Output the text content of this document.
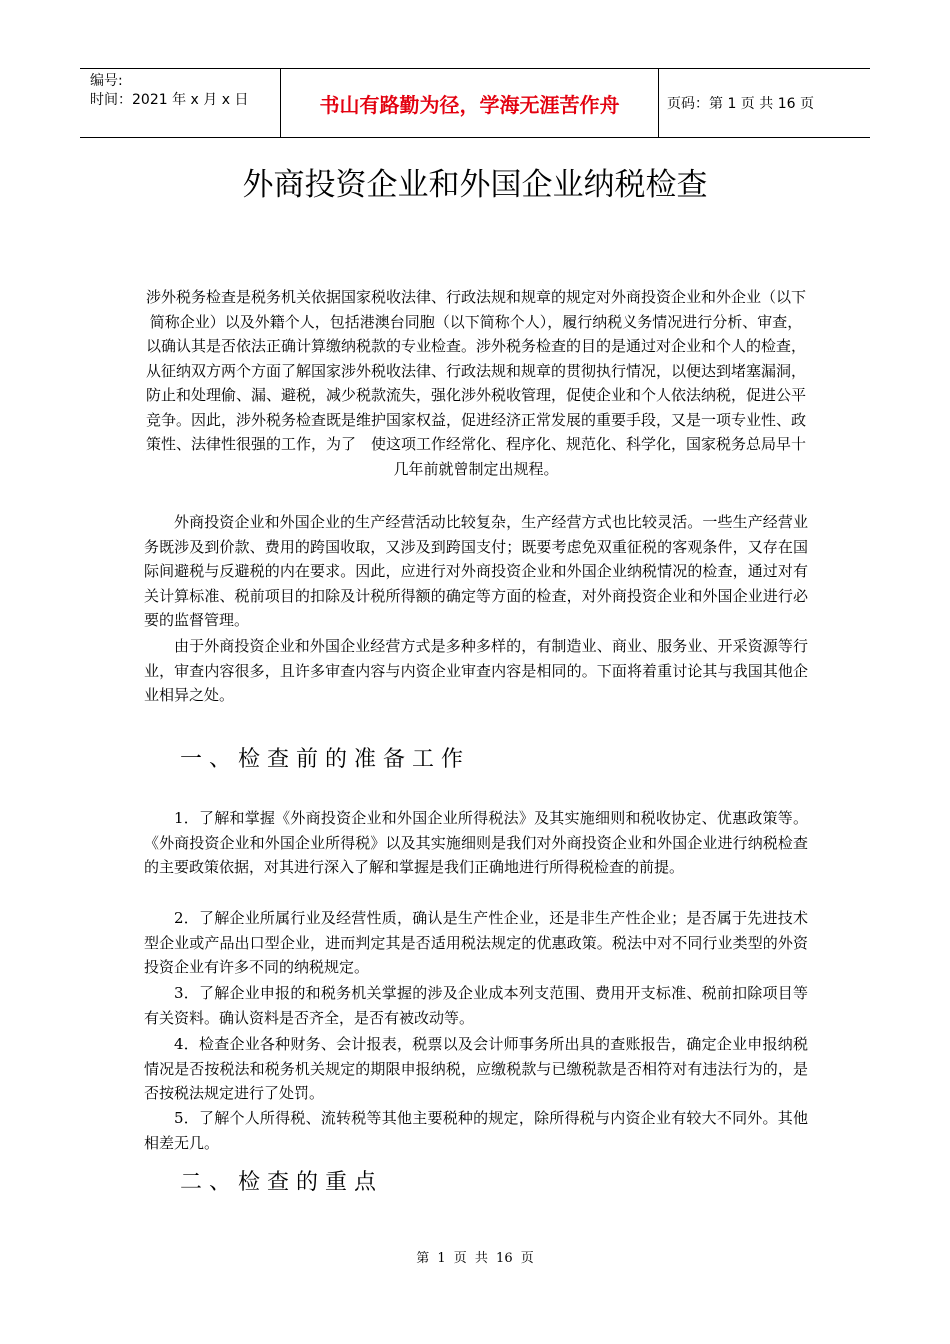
编号:
时间：2021 年 x 月 x 日	书山有路勤为径，学海无涯苦作舟	页码：第 1 页 共 16 页
外商投资企业和外国企业纳税检查

涉外税务检查是税务机关依据国家税收法律、行政法规和规章的规定对外商投资企业和外企业（以下简称企业）以及外籍个人，包括港澳台同胞（以下简称个人），履行纳税义务情况进行分析、审查，以确认其是否依法正确计算缴纳税款的专业检查。涉外税务检查的目的是通过对企业和个人的检查，从征纳双方两个方面了解国家涉外税收法律、行政法规和规章的贯彻执行情况，以便达到堵塞漏洞，防止和处理偷、漏、避税，减少税款流失，强化涉外税收管理，促使企业和个人依法纳税，促进公平竞争。因此，涉外税务检查既是维护国家权益，促进经济正常发展的重要手段，又是一项专业性、政策性、法律性很强的工作，为了　使这项工作经常化、程序化、规范化、科学化，国家税务总局早十几年前就曾制定出规程。

外商投资企业和外国企业的生产经营活动比较复杂，生产经营方式也比较灵活。一些生产经营业务既涉及到价款、费用的跨国收取，又涉及到跨国支付；既要考虑免双重征税的客观条件，又存在国际间避税与反避税的内在要求。因此，应进行对外商投资企业和外国企业纳税情况的检查，通过对有关计算标准、税前项目的扣除及计税所得额的确定等方面的检查，对外商投资企业和外国企业进行必要的监督管理。

由于外商投资企业和外国企业经营方式是多种多样的，有制造业、商业、服务业、开采资源等行业，审查内容很多，且许多审查内容与内资企业审查内容是相同的。下面将着重讨论其与我国其他企业相异之处。

一、检查前的准备工作

1．了解和掌握《外商投资企业和外国企业所得税法》及其实施细则和税收协定、优惠政策等。《外商投资企业和外国企业所得税》以及其实施细则是我们对外商投资企业和外国企业进行纳税检查的主要政策依据，对其进行深入了解和掌握是我们正确地进行所得税检查的前提。

2．了解企业所属行业及经营性质，确认是生产性企业，还是非生产性企业；是否属于先进技术型企业或产品出口型企业，进而判定其是否适用税法规定的优惠政策。税法中对不同行业类型的外资投资企业有许多不同的纳税规定。

3．了解企业申报的和税务机关掌握的涉及企业成本列支范围、费用开支标准、税前扣除项目等有关资料。确认资料是否齐全，是否有被改动等。

4．检查企业各种财务、会计报表，税票以及会计师事务所出具的查账报告，确定企业申报纳税情况是否按税法和税务机关规定的期限申报纳税，应缴税款与已缴税款是否相符对有违法行为的，是否按税法规定进行了处罚。

5．了解个人所得税、流转税等其他主要税种的规定，除所得税与内资企业有较大不同外。其他相差无几。

二、检查的重点
第 1 页 共 16 页
